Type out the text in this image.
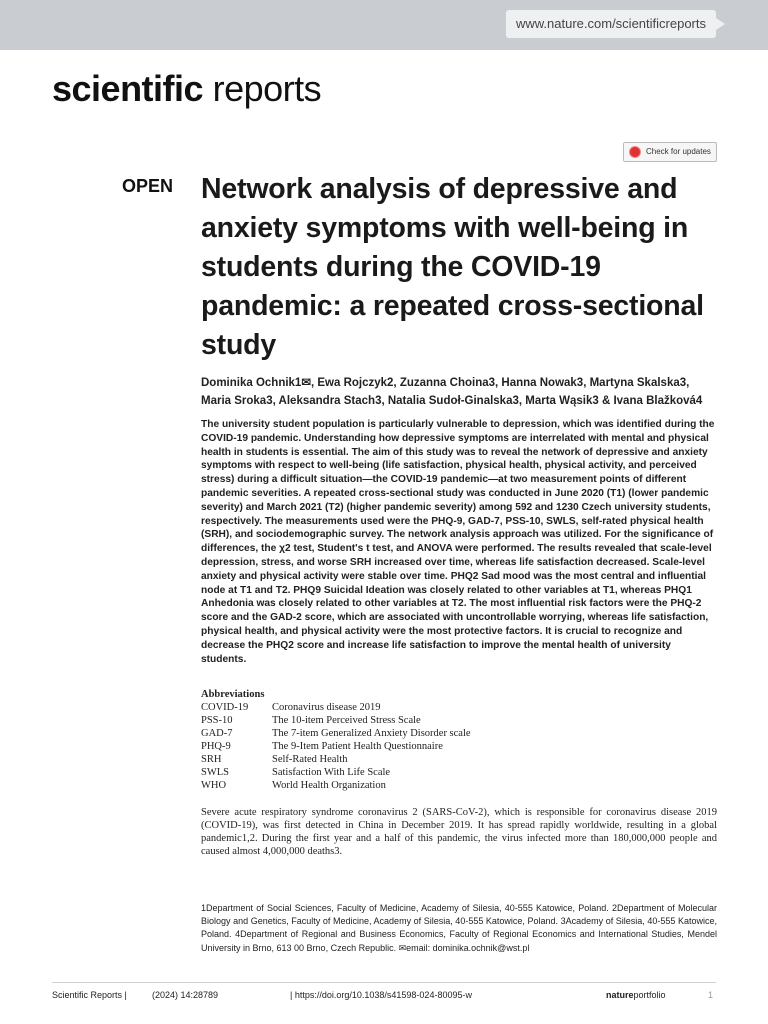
www.nature.com/scientificreports
scientific reports
Check for updates
OPEN Network analysis of depressive and anxiety symptoms with well-being in students during the COVID-19 pandemic: a repeated cross-sectional study
Dominika Ochnik1✉, Ewa Rojczyk2, Zuzanna Choina3, Hanna Nowak3, Martyna Skalska3, Maria Sroka3, Aleksandra Stach3, Natalia Sudoł-Ginalska3, Marta Wąsik3 & Ivana Blažková4
The university student population is particularly vulnerable to depression, which was identified during the COVID-19 pandemic. Understanding how depressive symptoms are interrelated with mental and physical health in students is essential. The aim of this study was to reveal the network of depressive and anxiety symptoms with respect to well-being (life satisfaction, physical health, physical activity, and perceived stress) during a difficult situation—the COVID-19 pandemic—at two measurement points of different pandemic severities. A repeated cross-sectional study was conducted in June 2020 (T1) (lower pandemic severity) and March 2021 (T2) (higher pandemic severity) among 592 and 1230 Czech university students, respectively. The measurements used were the PHQ-9, GAD-7, PSS-10, SWLS, self-rated physical health (SRH), and sociodemographic survey. The network analysis approach was utilized. For the significance of differences, the χ2 test, Student's t test, and ANOVA were performed. The results revealed that scale-level depression, stress, and worse SRH increased over time, whereas life satisfaction decreased. Scale-level anxiety and physical activity were stable over time. PHQ2 Sad mood was the most central and influential node at T1 and T2. PHQ9 Suicidal Ideation was closely related to other variables at T1, whereas PHQ1 Anhedonia was closely related to other variables at T2. The most influential risk factors were the PHQ-2 score and the GAD-2 score, which are associated with uncontrollable worrying, whereas life satisfaction, physical health, and physical activity were the most protective factors. It is crucial to recognize and decrease the PHQ2 score and increase life satisfaction to improve the mental health of university students.
Abbreviations
COVID-19	Coronavirus disease 2019
PSS-10	The 10-item Perceived Stress Scale
GAD-7	The 7-item Generalized Anxiety Disorder scale
PHQ-9	The 9-Item Patient Health Questionnaire
SRH	Self-Rated Health
SWLS	Satisfaction With Life Scale
WHO	World Health Organization
Severe acute respiratory syndrome coronavirus 2 (SARS-CoV-2), which is responsible for coronavirus disease 2019 (COVID-19), was first detected in China in December 2019. It has spread rapidly worldwide, resulting in a global pandemic1,2. During the first year and a half of this pandemic, the virus infected more than 180,000,000 people and caused almost 4,000,000 deaths3.
1Department of Social Sciences, Faculty of Medicine, Academy of Silesia, 40-555 Katowice, Poland. 2Department of Molecular Biology and Genetics, Faculty of Medicine, Academy of Silesia, 40-555 Katowice, Poland. 3Academy of Silesia, 40-555 Katowice, Poland. 4Department of Regional and Business Economics, Faculty of Regional Economics and International Studies, Mendel University in Brno, 613 00 Brno, Czech Republic. ✉email: dominika.ochnik@wst.pl
Scientific Reports |	(2024) 14:28789	| https://doi.org/10.1038/s41598-024-80095-w	natureportfolio	1
